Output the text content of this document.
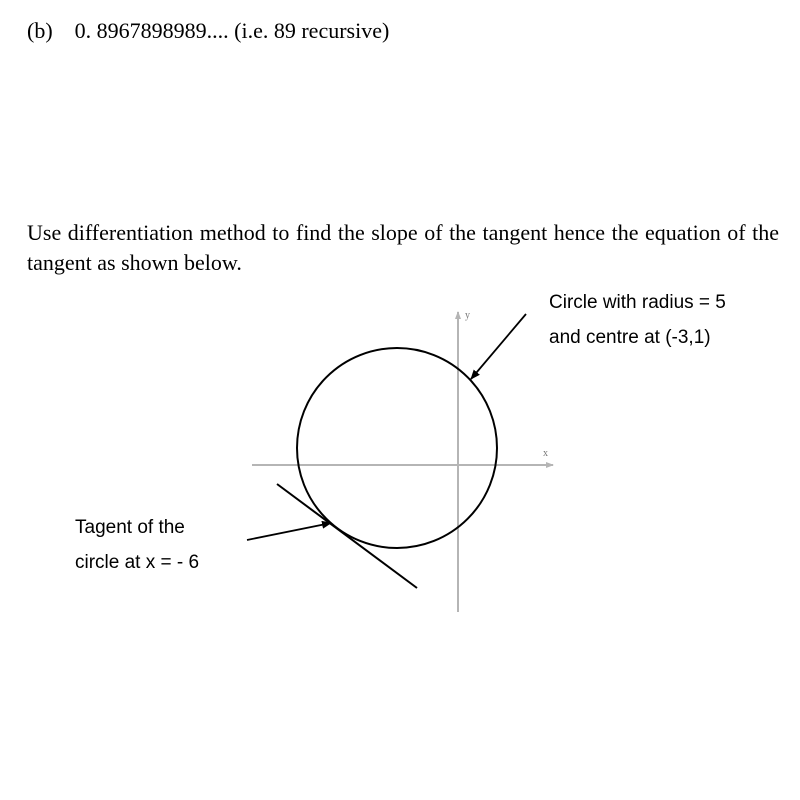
(b) 0. 8967898989.... (i.e. 89 recursive)
Use differentiation method to find the slope of the tangent hence the equation of the tangent as shown below.
y
x
Circle with radius = 5
and centre at (-3,1)
Tagent of the
circle at x = - 6
